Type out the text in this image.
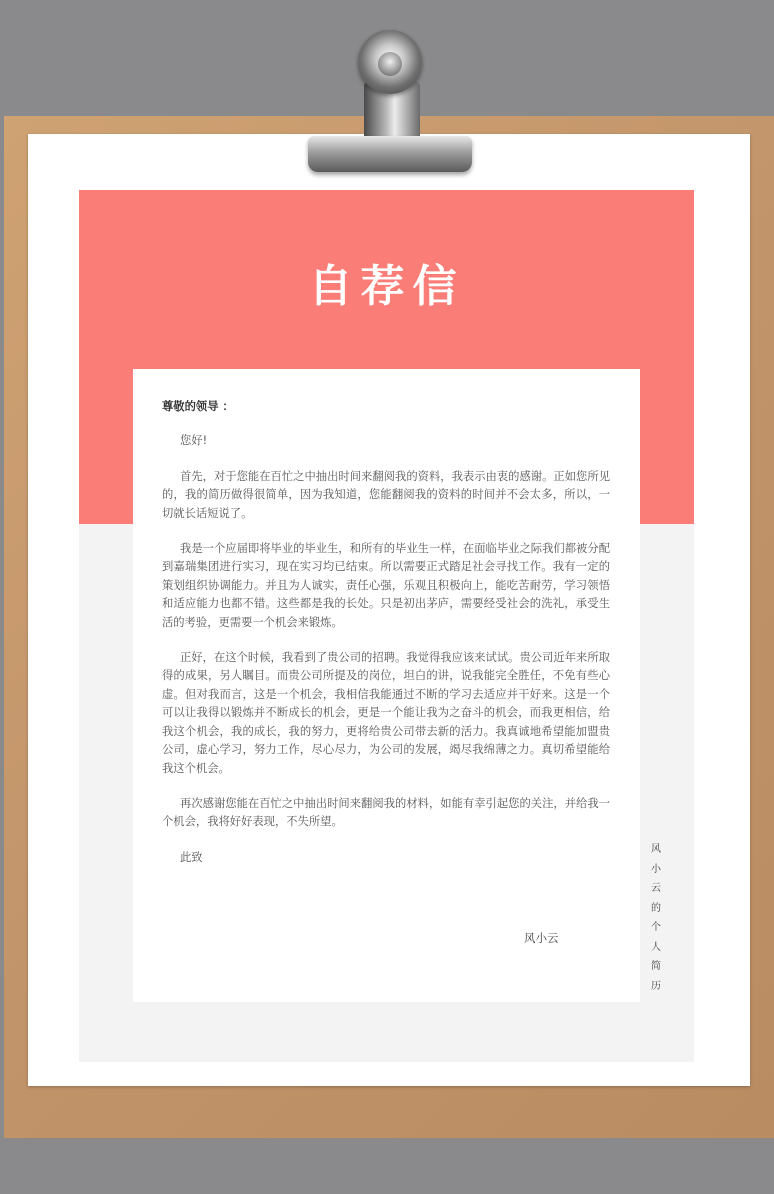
自荐信
尊敬的领导 ：

您好!

首先，对于您能在百忙之中抽出时间来翻阅我的资料，我表示由衷的感谢。正如您所见的，我的简历做得很简单，因为我知道，您能翻阅我的资料的时间并不会太多，所以，一切就长话短说了。

我是一个应届即将毕业的毕业生，和所有的毕业生一样，在面临毕业之际我们都被分配到嘉瑞集团进行实习，现在实习均已结束。所以需要正式踏足社会寻找工作。我有一定的策划组织协调能力。并且为人诚实，责任心强，乐观且积极向上，能吃苦耐劳，学习领悟和适应能力也都不错。这些都是我的长处。只是初出茅庐，需要经受社会的洗礼，承受生活的考验，更需要一个机会来锻炼。

正好，在这个时候，我看到了贵公司的招聘。我觉得我应该来试试。贵公司近年来所取得的成果，另人瞩目。而贵公司所提及的岗位，坦白的讲，说我能完全胜任，不免有些心虚。但对我而言，这是一个机会，我相信我能通过不断的学习去适应并干好来。这是一个可以让我得以锻炼并不断成长的机会，更是一个能让我为之奋斗的机会，而我更相信，给我这个机会，我的成长，我的努力，更将给贵公司带去新的活力。我真诚地希望能加盟贵公司，虚心学习，努力工作，尽心尽力，为公司的发展，竭尽我绵薄之力。真切希望能给我这个机会。

再次感谢您能在百忙之中抽出时间来翻阅我的材料，如能有幸引起您的关注，并给我一个机会，我将好好表现，不失所望。

此致

风小云
风小云的个人简历
